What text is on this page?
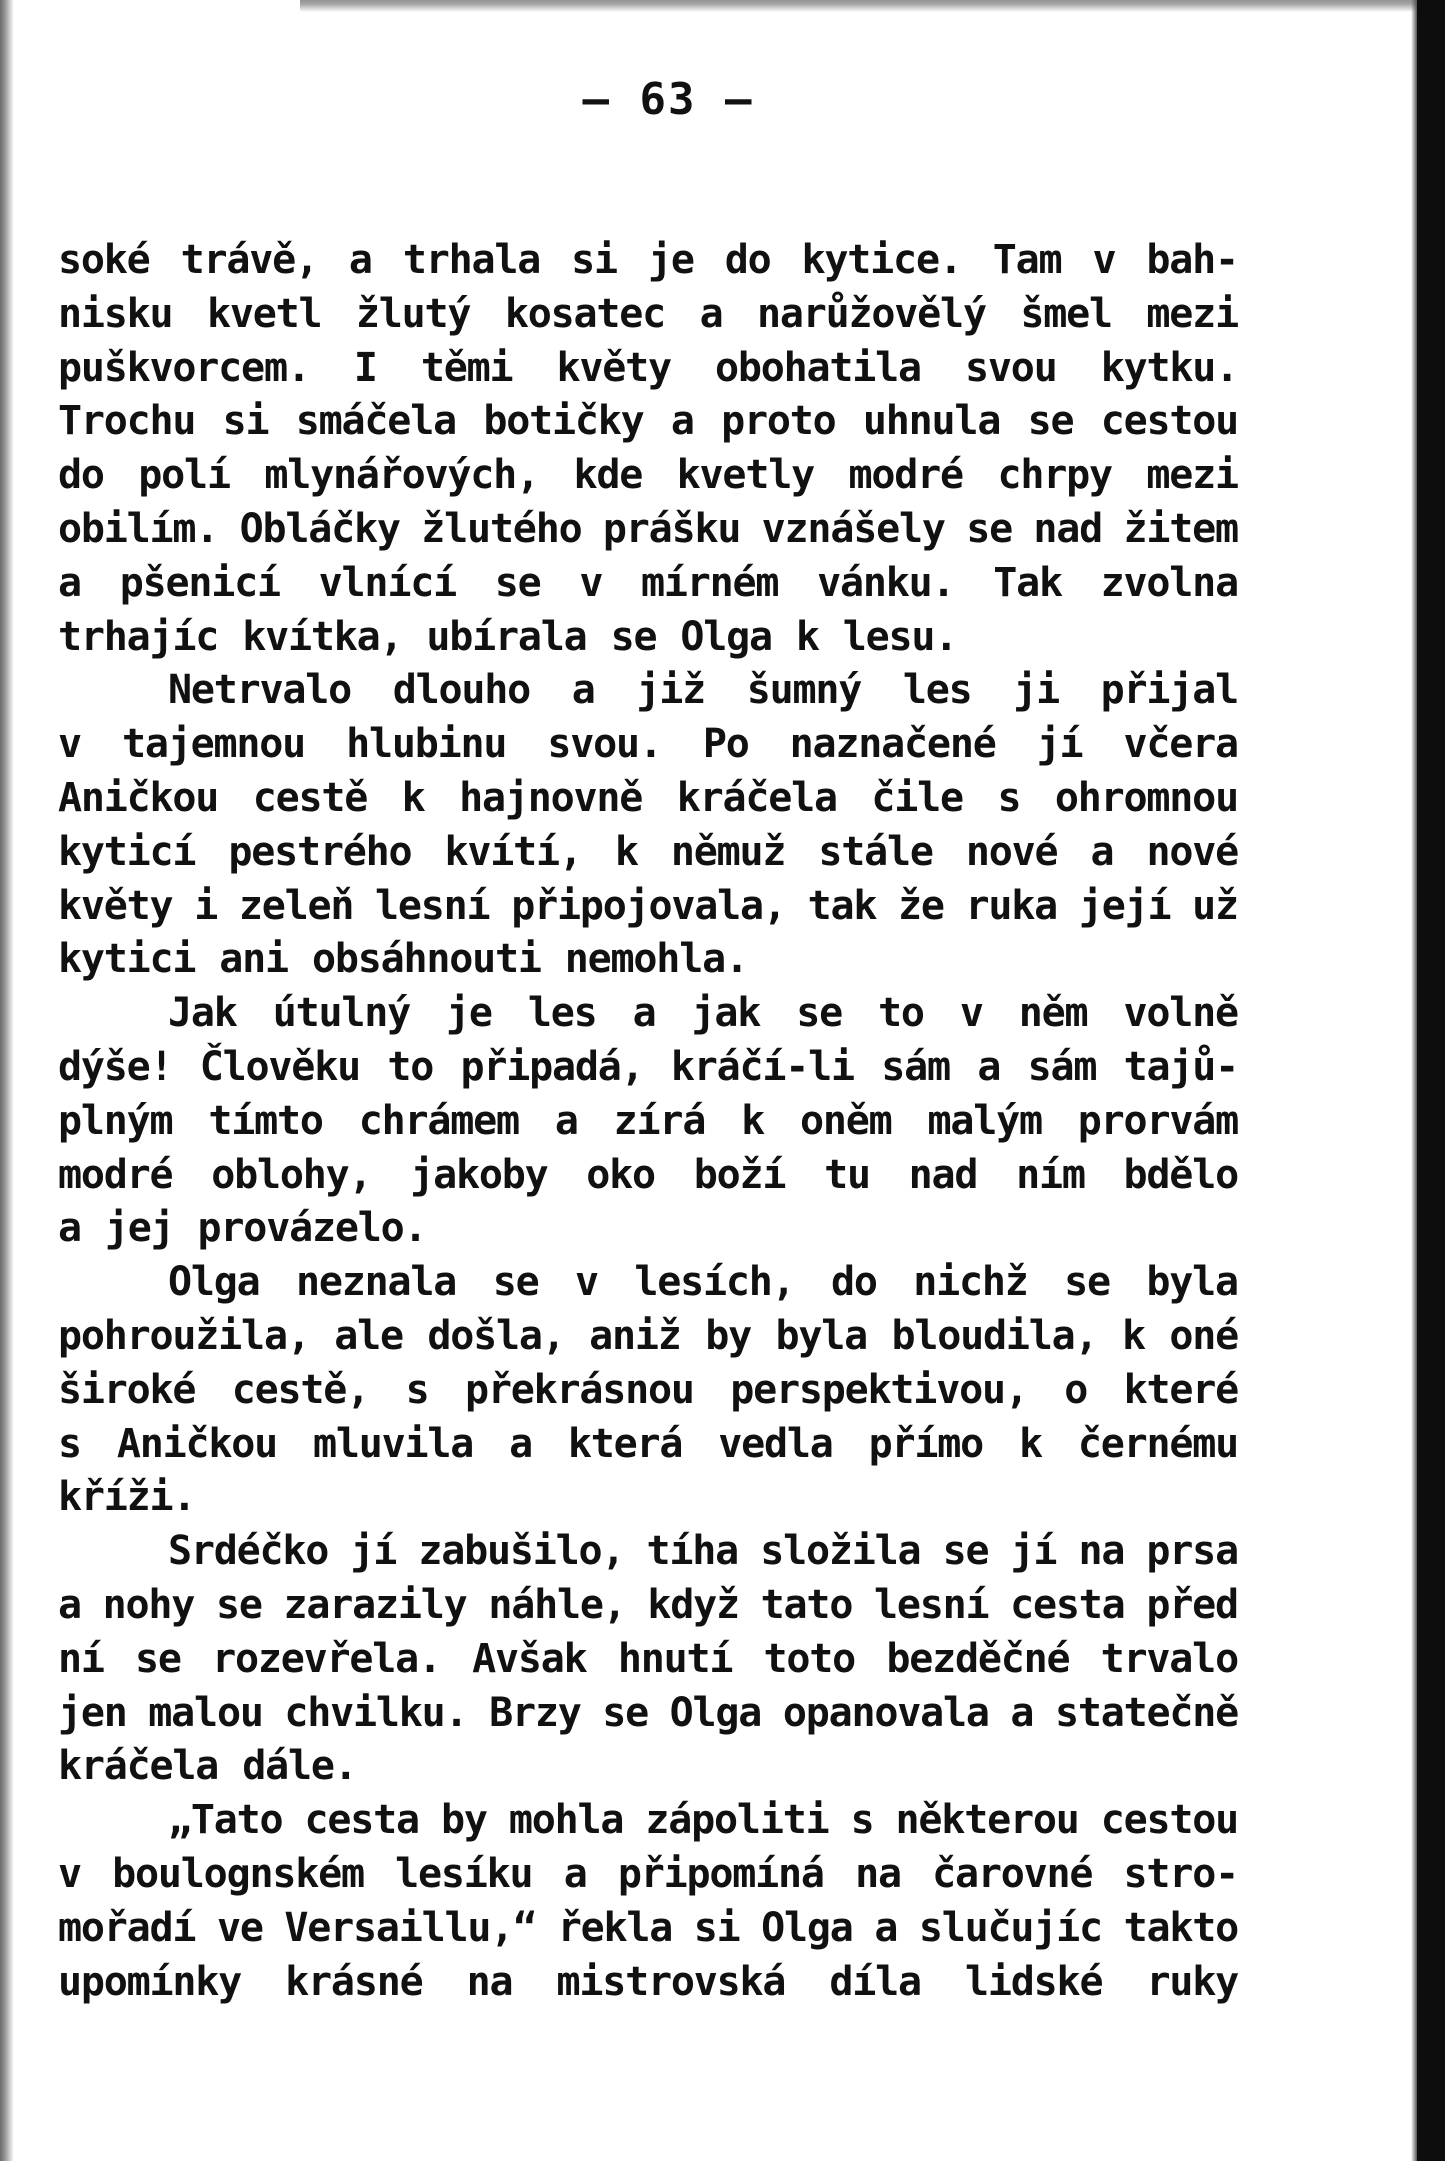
— 63 —
soké trávě, a trhala si je do kytice. Tam v bah-
nisku kvetl žlutý kosatec a narůžovělý šmel mezi
puškvorcem. I těmi květy obohatila svou kytku.
Trochu si smáčela botičky a proto uhnula se cestou
do polí mlynářových, kde kvetly modré chrpy mezi
obilím. Obláčky žlutého prášku vznášely se nad žitem
a pšenicí vlnící se v mírném vánku. Tak zvolna
trhajíc kvítka, ubírala se Olga k lesu.
Netrvalo dlouho a již šumný les ji přijal
v tajemnou hlubinu svou. Po naznačené jí včera
Aničkou cestě k hajnovně kráčela čile s ohromnou
kyticí pestrého kvítí, k němuž stále nové a nové
květy i zeleň lesní připojovala, tak že ruka její už
kytici ani obsáhnouti nemohla.
Jak útulný je les a jak se to v něm volně
dýše! Člověku to připadá, kráčí-li sám a sám tajů-
plným tímto chrámem a zírá k oněm malým prorvám
modré oblohy, jakoby oko boží tu nad ním bdělo
a jej provázelo.
Olga neznala se v lesích, do nichž se byla
pohroužila, ale došla, aniž by byla bloudila, k oné
široké cestě, s překrásnou perspektivou, o které
s Aničkou mluvila a která vedla přímo k černému
kříži.
Srdéčko jí zabušilo, tíha složila se jí na prsa
a nohy se zarazily náhle, když tato lesní cesta před
ní se rozevřela. Avšak hnutí toto bezděčné trvalo
jen malou chvilku. Brzy se Olga opanovala a statečně
kráčela dále.
„Tato cesta by mohla zápoliti s některou cestou
v boulognském lesíku a připomíná na čarovné stro-
mořadí ve Versaillu,“ řekla si Olga a slučujíc takto
upomínky krásné na mistrovská díla lidské ruky
